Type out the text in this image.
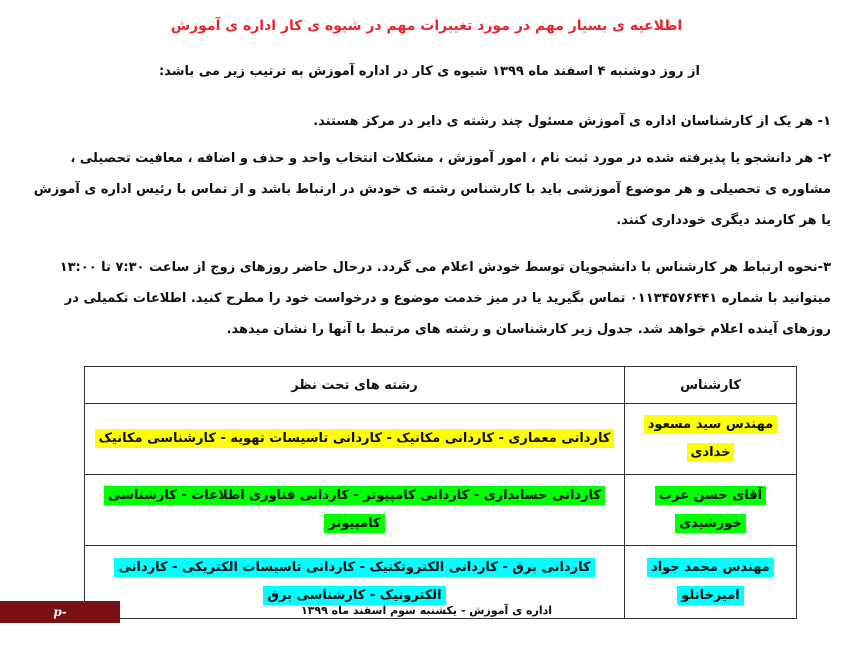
اطلاعیه ی بسیار مهم در مورد تغییرات مهم در شیوه ی کار اداره ی آموزش
از روز دوشنبه ۴ اسفند ماه ۱۳۹۹ شیوه ی کار در اداره آموزش به ترتیب زیر می باشد:
۱- هر یک از کارشناسان اداره ی آموزش مسئول چند رشته ی دایر در مرکز هستند.
۲- هر دانشجو یا پذیرفته شده در مورد ثبت نام ، امور آموزش ، مشکلات انتخاب واحد و حذف و اضافه ، معافیت تحصیلی ، مشاوره ی تحصیلی و هر موضوع آموزشی باید با کارشناس رشته ی خودش در ارتباط باشد و از تماس با رئیس اداره ی آموزش یا هر کارمند دیگری خودداری کنند.
۳-نحوه ارتباط هر کارشناس با دانشجویان توسط خودش اعلام می گردد. درحال حاضر روزهای زوج از ساعت ۷:۳۰ تا ۱۳:۰۰ میتوانید با شماره ۰۱۱۳۴۵۷۶۴۴۱ تماس بگیرید یا در میز خدمت موضوع و درخواست خود را مطرح کنید. اطلاعات تکمیلی در روزهای آینده اعلام خواهد شد. جدول زیر کارشناسان و رشته های مرتبط با آنها را نشان میدهد.
کارشناس	رشته های تحت نظر
مهندس سید مسعود خدادی	کاردانی معماری - کاردانی مکانیک - کاردانی تاسیسات تهویه - کارشناسی مکانیک
آقای حسن عرب خورشیدی	کاردانی حسابداری - کاردانی کامپیوتر - کاردانی فناوری اطلاعات - کارشناسی کامپیوتر
مهندس محمد جواد امیرخانلو	کاردانی برق - کاردانی الکتروتکنیک - کاردانی تاسیسات الکتریکی - کاردانی الکترونیک - کارشناسی برق
اداره ی آموزش - یکشنبه سوم اسفند ماه ۱۳۹۹
p-behshahr.tvu.ac.ir
